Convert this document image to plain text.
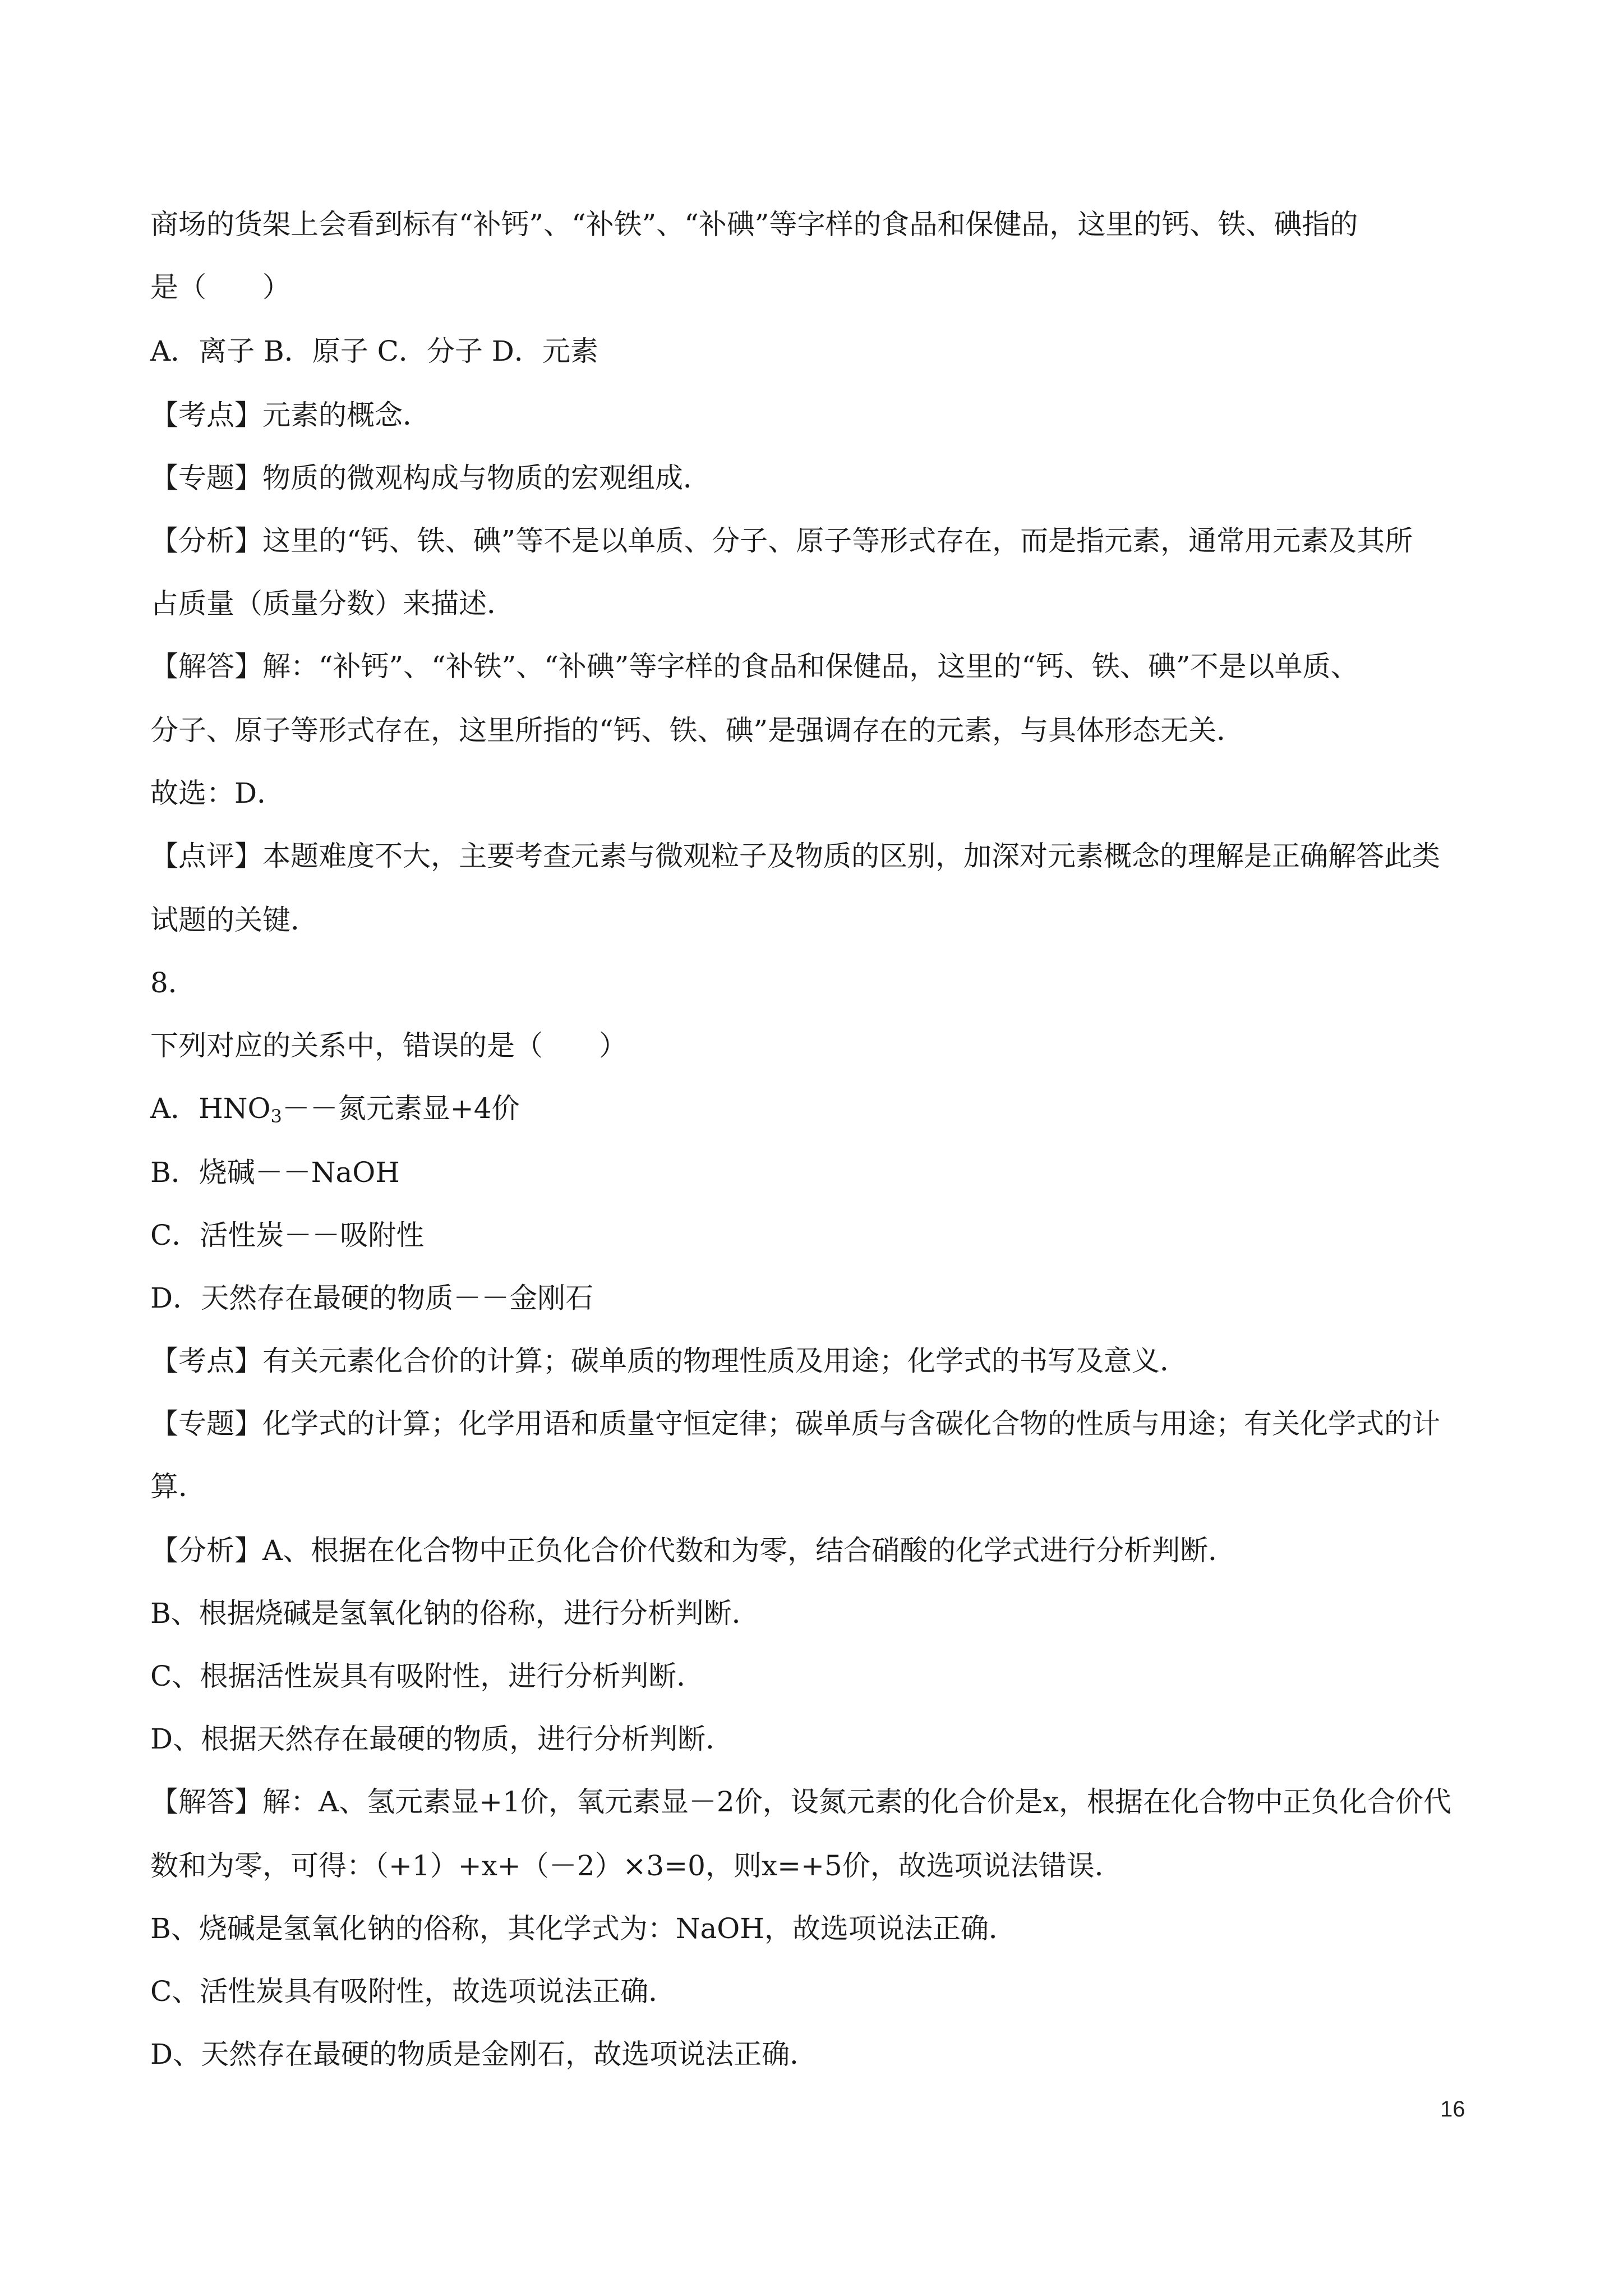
商场的货架上会看到标有“补钙”、“补铁”、“补碘”等字样的食品和保健品，这里的钙、铁、碘指的
是（　　）
A．离子 B．原子 C．分子 D．元素
【考点】元素的概念．
【专题】物质的微观构成与物质的宏观组成．
【分析】这里的“钙、铁、碘”等不是以单质、分子、原子等形式存在，而是指元素，通常用元素及其所
占质量（质量分数）来描述．
【解答】解：“补钙”、“补铁”、“补碘”等字样的食品和保健品，这里的“钙、铁、碘”不是以单质、
分子、原子等形式存在，这里所指的“钙、铁、碘”是强调存在的元素，与具体形态无关．
故选：D．
【点评】本题难度不大，主要考查元素与微观粒子及物质的区别，加深对元素概念的理解是正确解答此类
试题的关键．
8．
下列对应的关系中，错误的是（　　）
A．$HNO_3--$氮元素显+4价
B．烧碱－－NaOH
C．活性炭－－吸附性
D．天然存在最硬的物质－－金刚石
【考点】有关元素化合价的计算；碳单质的物理性质及用途；化学式的书写及意义．
【专题】化学式的计算；化学用语和质量守恒定律；碳单质与含碳化合物的性质与用途；有关化学式的计
算．
【分析】A、根据在化合物中正负化合价代数和为零，结合硝酸的化学式进行分析判断．
B、根据烧碱是氢氧化钠的俗称，进行分析判断．
C、根据活性炭具有吸附性，进行分析判断．
D、根据天然存在最硬的物质，进行分析判断．
【解答】解：A、氢元素显+1价，氧元素显－2价，设氮元素的化合价是x，根据在化合物中正负化合价代
数和为零，可得：（+1）+x+（－2）×3=0，则x=+5价，故选项说法错误．
B、烧碱是氢氧化钠的俗称，其化学式为：NaOH，故选项说法正确．
C、活性炭具有吸附性，故选项说法正确．
D、天然存在最硬的物质是金刚石，故选项说法正确．
16
